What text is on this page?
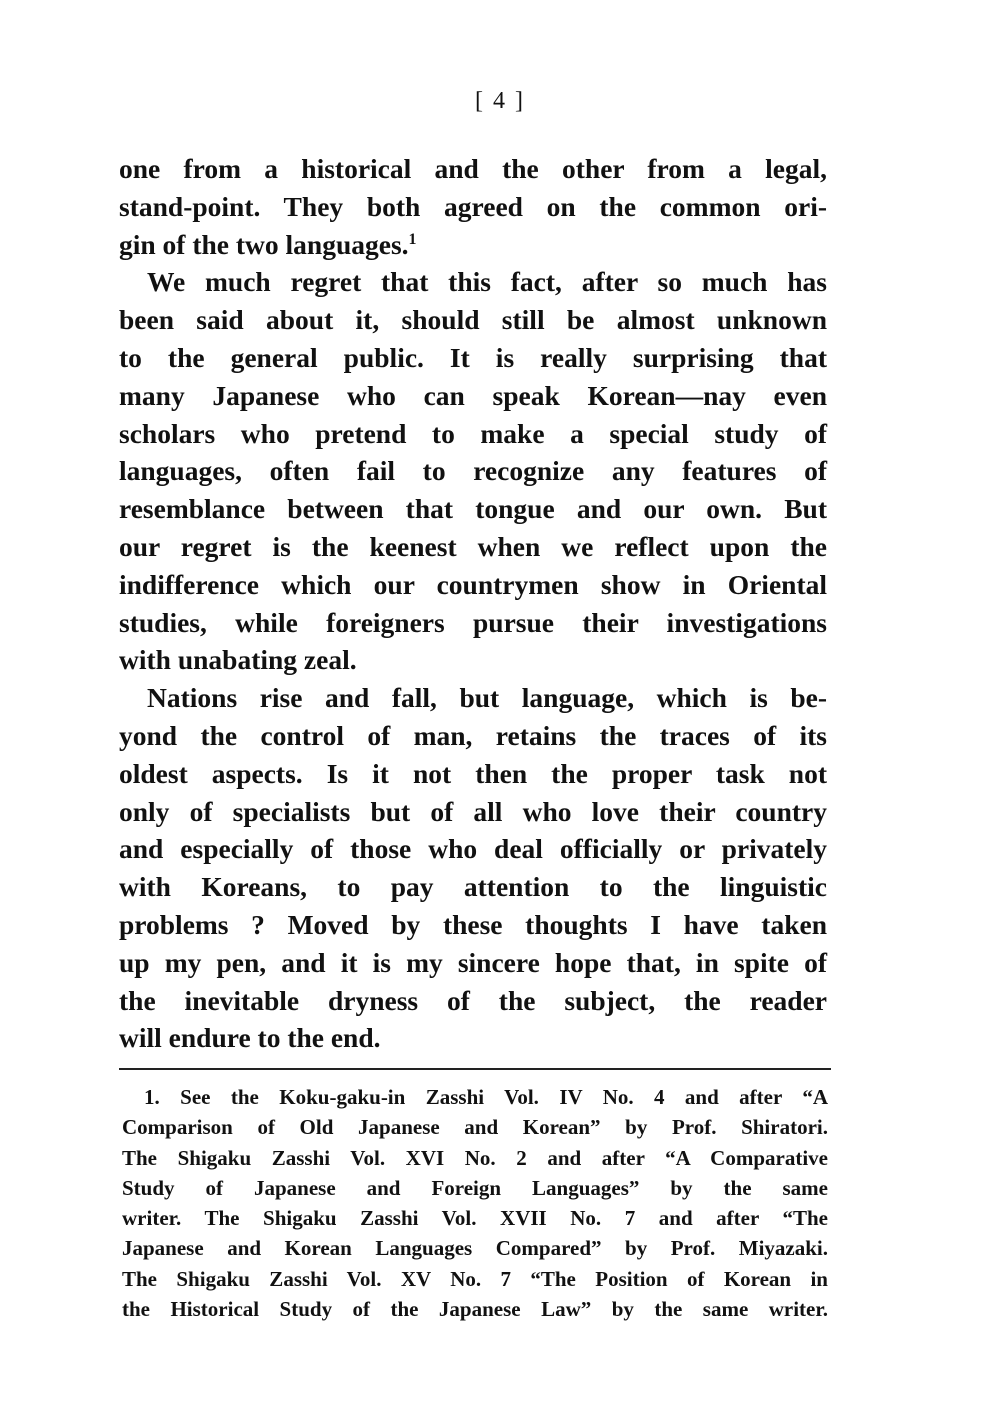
[ 4 ]
one from a historical and the other from a legal,
stand-point. They both agreed on the common ori-
gin of the two languages.$^1$
We much regret that this fact, after so much has
been said about it, should still be almost unknown
to the general public. It is really surprising that
many Japanese who can speak Korean—nay even
scholars who pretend to make a special study of
languages, often fail to recognize any features of
resemblance between that tongue and our own. But
our regret is the keenest when we reflect upon the
indifference which our countrymen show in Oriental
studies, while foreigners pursue their investigations
with unabating zeal.
Nations rise and fall, but language, which is be-
yond the control of man, retains the traces of its
oldest aspects. Is it not then the proper task not
only of specialists but of all who love their country
and especially of those who deal officially or privately
with Koreans, to pay attention to the linguistic
problems ? Moved by these thoughts I have taken
up my pen, and it is my sincere hope that, in spite of
the inevitable dryness of the subject, the reader
will endure to the end.
1. See the Koku-gaku-in Zasshi Vol. IV No. 4 and after “A
Comparison of Old Japanese and Korean” by Prof. Shiratori.
The Shigaku Zasshi Vol. XVI No. 2 and after “A Comparative
Study of Japanese and Foreign Languages” by the same
writer. The Shigaku Zasshi Vol. XVII No. 7 and after “The
Japanese and Korean Languages Compared” by Prof. Miyazaki.
The Shigaku Zasshi Vol. XV No. 7 “The Position of Korean in
the Historical Study of the Japanese Law” by the same writer.
